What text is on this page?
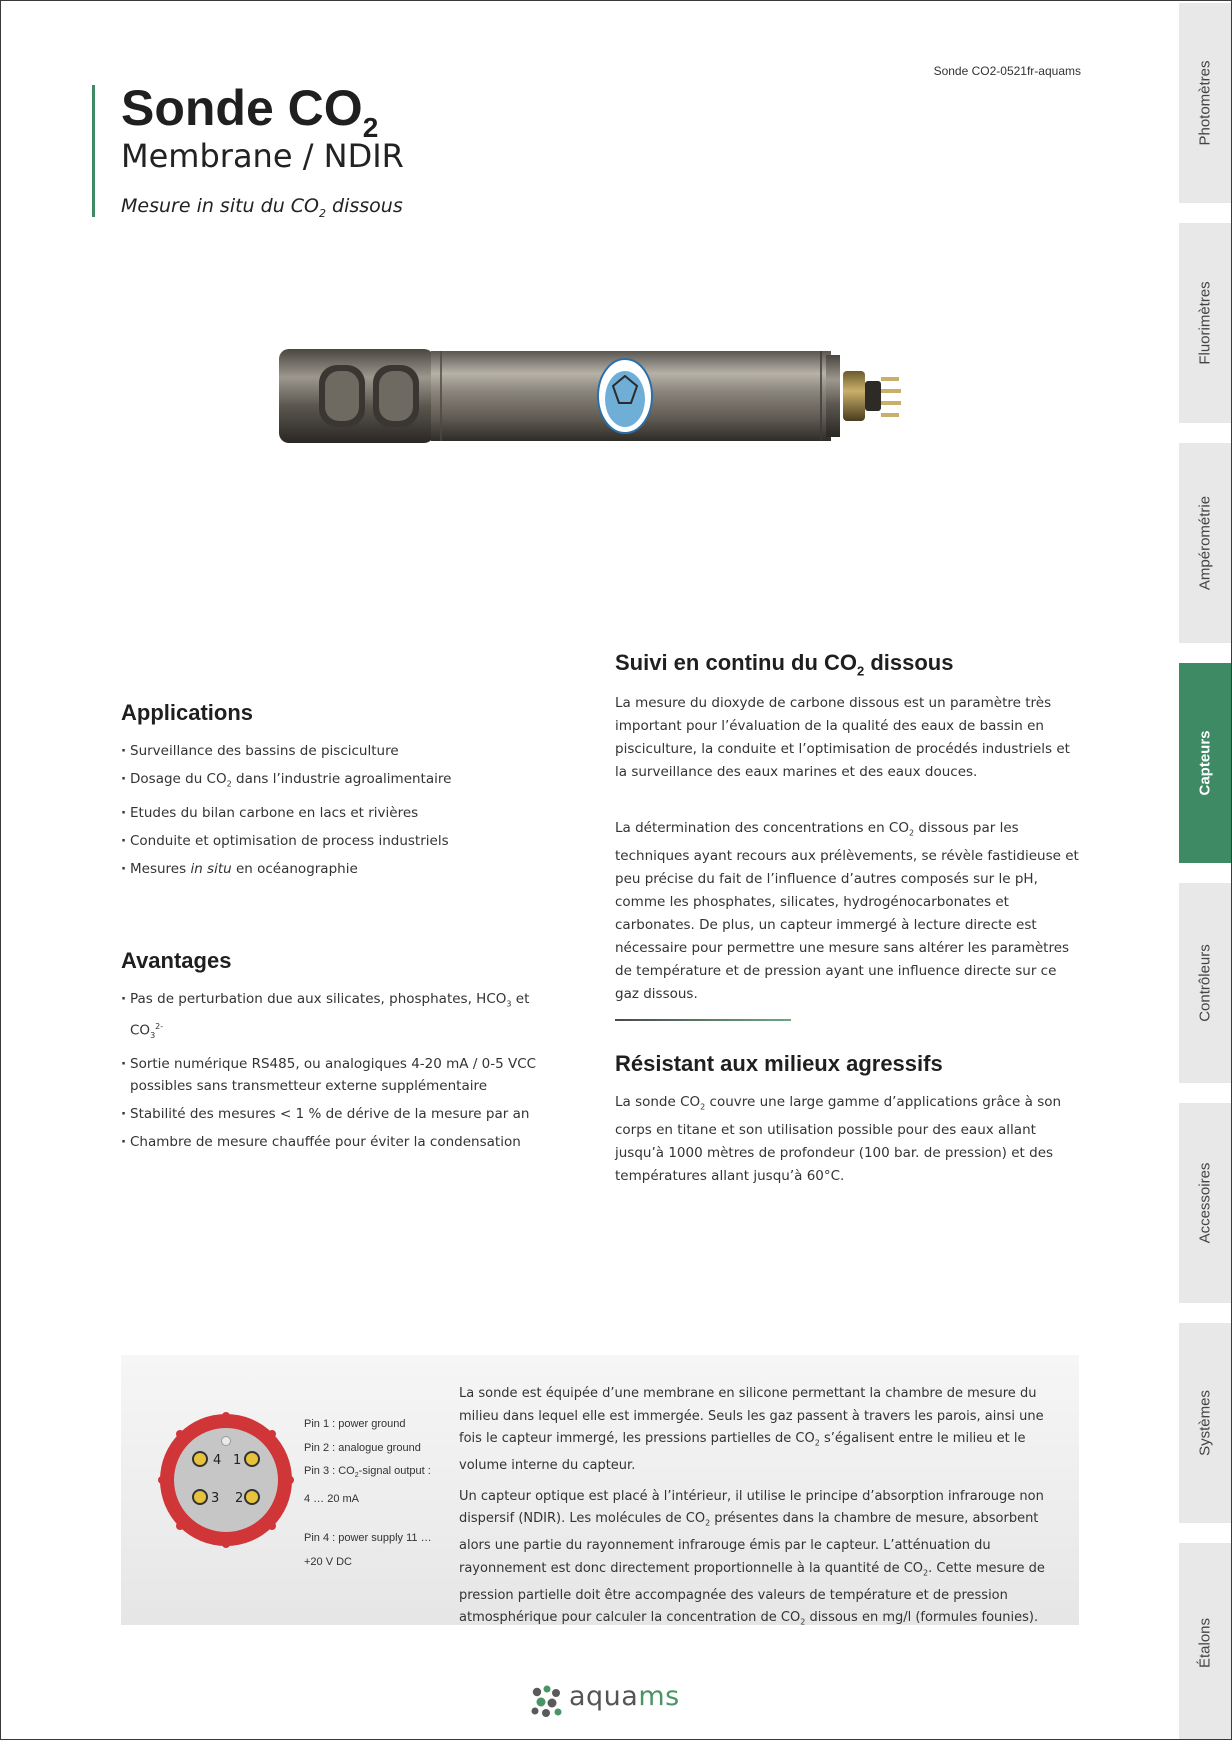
Sonde CO2-0521fr-aquams
Sonde $CO_2$
Membrane / NDIR
Mesure in situ du $CO_2$ dissous
Photomètres
Fluorimètres
Ampérométrie
Capteurs
Contrôleurs
Accessoires
Systèmes
Étalons
Applications
· Surveillance des bassins de pisciculture
· Dosage du $CO_2$ dans l’industrie agroalimentaire
· Etudes du bilan carbone en lacs et rivières
· Conduite et optimisation de process industriels
· Mesures in situ en océanographie
Avantages
· Pas de perturbation due aux silicates, phosphates, $HCO_3$ et $CO_3^{2-}$
· Sortie numérique RS485, ou analogiques 4-20 mA / 0-5 VCC possibles sans transmetteur externe supplémentaire
· Stabilité des mesures < 1 % de dérive de la mesure par an
· Chambre de mesure chauffée pour éviter la condensation
Suivi en continu du $CO_2$ dissous

La mesure du dioxyde de carbone dissous est un paramètre très important pour l’évaluation de la qualité des eaux de bassin en pisciculture, la conduite et l’optimisation de procédés industriels et la surveillance des eaux marines et des eaux douces.

La détermination des concentrations en $CO_2$ dissous par les techniques ayant recours aux prélèvements, se révèle fastidieuse et peu précise du fait de l’influence d’autres composés sur le pH, comme les phosphates, silicates, hydrogénocarbonates et carbonates. De plus, un capteur immergé à lecture directe est nécessaire pour permettre une mesure sans altérer les paramètres de température et de pression ayant une influence directe sur ce gaz dissous.

Résistant aux milieux agressifs

La sonde $CO_2$ couvre une large gamme d’applications grâce à son corps en titane et son utilisation possible pour des eaux allant jusqu’à 1000 mètres de profondeur (100 bar. de pression) et des températures allant jusqu’à 60°C.

4 1
3 2
Pin 1 : power ground
Pin 2 : analogue ground
Pin 3 : $CO_2$-signal output :
4 … 20 mA
Pin 4 : power supply 11 …
+20 V DC

La sonde est équipée d’une membrane en silicone permettant la chambre de mesure du milieu dans lequel elle est immergée. Seuls les gaz passent à travers les parois, ainsi une fois le capteur immergé, les pressions partielles de $CO_2$ s’égalisent entre le milieu et le volume interne du capteur.

Un capteur optique est placé à l’intérieur, il utilise le principe d’absorption infrarouge non dispersif (NDIR). Les molécules de $CO_2$ présentes dans la chambre de mesure, absorbent alors une partie du rayonnement infrarouge émis par le capteur. L’atténuation du rayonnement est donc directement proportionnelle à la quantité de $CO_2$. Cette mesure de pression partielle doit être accompagnée des valeurs de température et de pression atmosphérique pour calculer la concentration de $CO_2$ dissous en mg/l (formules founies).

aquams
